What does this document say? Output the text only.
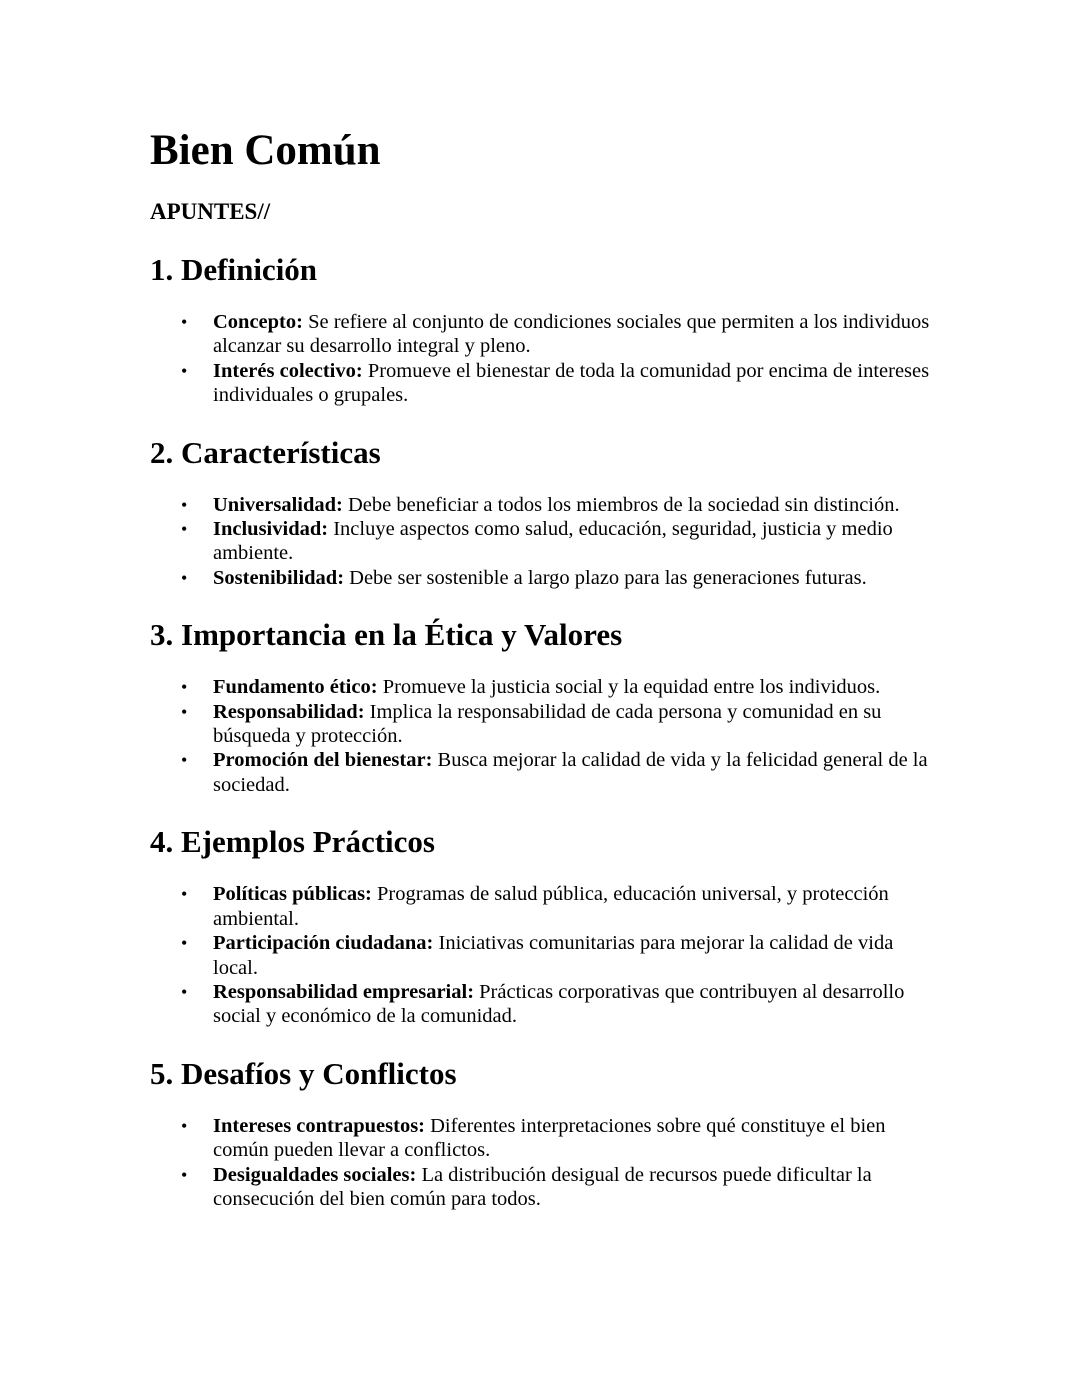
Bien Común
APUNTES//
1. Definición
• Concepto: Se refiere al conjunto de condiciones sociales que permiten a los individuos alcanzar su desarrollo integral y pleno.
• Interés colectivo: Promueve el bienestar de toda la comunidad por encima de intereses individuales o grupales.
2. Características
• Universalidad: Debe beneficiar a todos los miembros de la sociedad sin distinción.
• Inclusividad: Incluye aspectos como salud, educación, seguridad, justicia y medio ambiente.
• Sostenibilidad: Debe ser sostenible a largo plazo para las generaciones futuras.
3. Importancia en la Ética y Valores
• Fundamento ético: Promueve la justicia social y la equidad entre los individuos.
• Responsabilidad: Implica la responsabilidad de cada persona y comunidad en su búsqueda y protección.
• Promoción del bienestar: Busca mejorar la calidad de vida y la felicidad general de la sociedad.
4. Ejemplos Prácticos
• Políticas públicas: Programas de salud pública, educación universal, y protección ambiental.
• Participación ciudadana: Iniciativas comunitarias para mejorar la calidad de vida local.
• Responsabilidad empresarial: Prácticas corporativas que contribuyen al desarrollo social y económico de la comunidad.
5. Desafíos y Conflictos
• Intereses contrapuestos: Diferentes interpretaciones sobre qué constituye el bien común pueden llevar a conflictos.
• Desigualdades sociales: La distribución desigual de recursos puede dificultar la consecución del bien común para todos.
